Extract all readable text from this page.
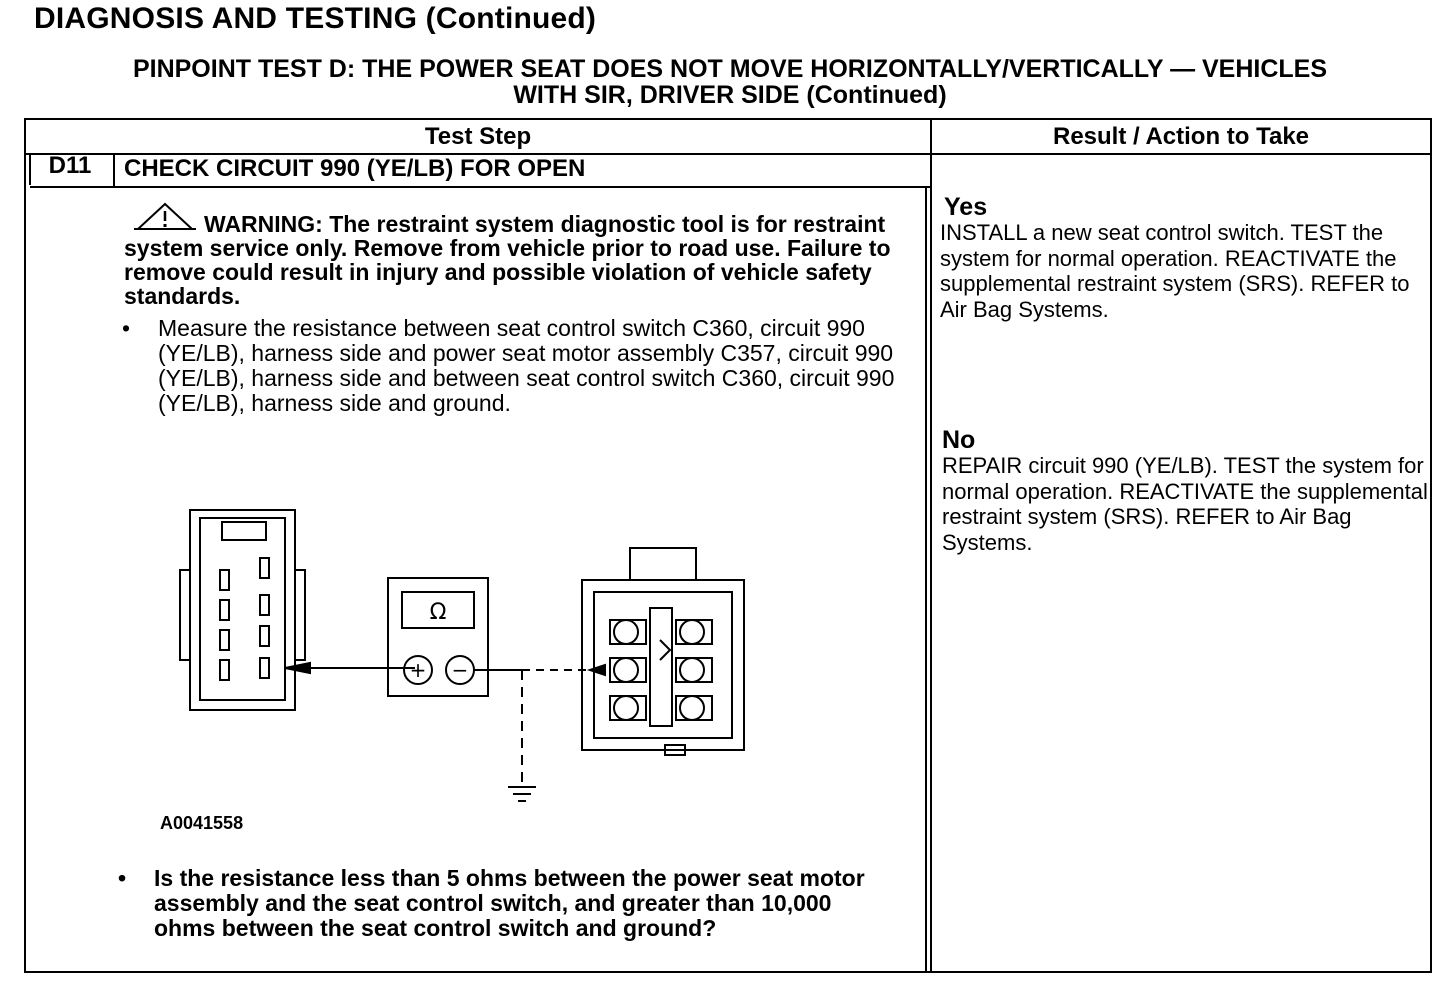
DIAGNOSIS AND TESTING (Continued)
PINPOINT TEST D: THE POWER SEAT DOES NOT MOVE HORIZONTALLY/VERTICALLY — VEHICLES
WITH SIR, DRIVER SIDE (Continued)
Test Step	Result / Action to Take
D11	CHECK CIRCUIT 990 (YE/LB) FOR OPEN
WARNING: The restraint system diagnostic tool is for restraint system service only. Remove from vehicle prior to road use. Failure to remove could result in injury and possible violation of vehicle safety standards.
• Measure the resistance between seat control switch C360, circuit 990 (YE/LB), harness side and power seat motor assembly C357, circuit 990 (YE/LB), harness side and between seat control switch C360, circuit 990 (YE/LB), harness side and ground.
Ω
+ −
A0041558
• Is the resistance less than 5 ohms between the power seat motor assembly and the seat control switch, and greater than 10,000 ohms between the seat control switch and ground?
Yes
INSTALL a new seat control switch. TEST the system for normal operation. REACTIVATE the supplemental restraint system (SRS). REFER to Air Bag Systems.
No
REPAIR circuit 990 (YE/LB). TEST the system for normal operation. REACTIVATE the supplemental restraint system (SRS). REFER to Air Bag Systems.
